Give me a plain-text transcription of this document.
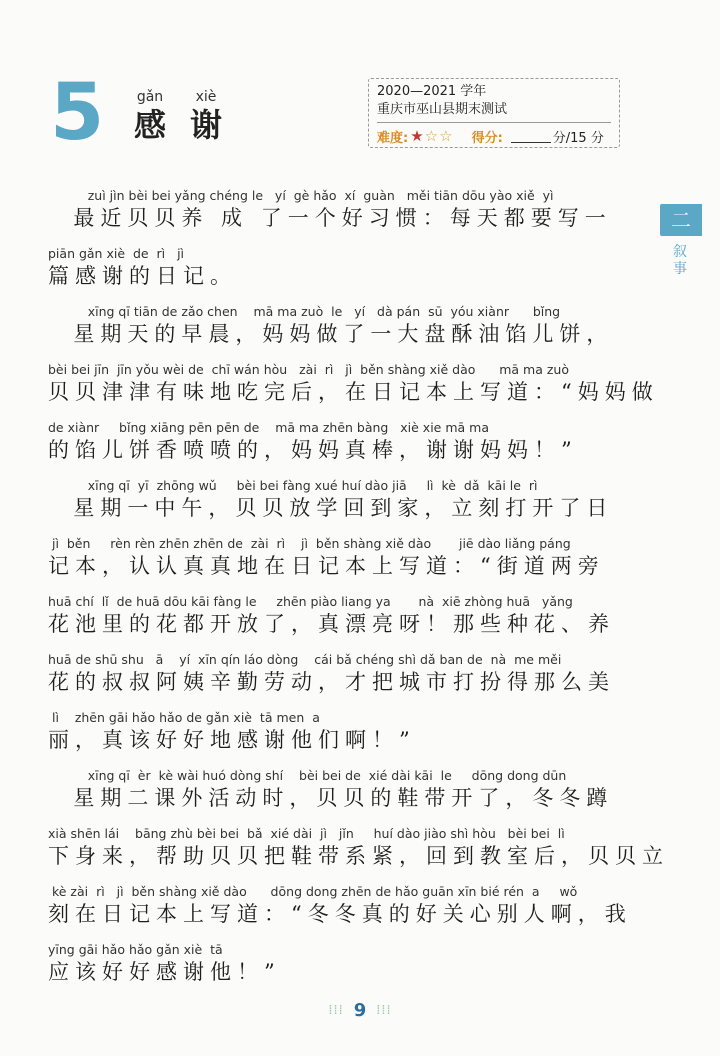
5	gǎn
感
xiè
谢
2020—2021 学年
重庆市巫山县期末测试
难度: ★ ☆ ☆ 得分:	分/15 分
二
叙事
zuì jìn bèi bei yǎng chéng le   yí  gè hǎo  xí  guàn   měi tiān dōu yào xiě  yì
最近贝贝养 成 了一个好习惯：每天都要写一
piān gǎn xiè  de  rì   jì
篇感谢的日记。
xīng qī tiān de zǎo chen    mā ma zuò  le   yí   dà pán  sū  yóu xiànr      bǐng
星期天的早晨，妈妈做了一大盘酥油馅儿饼，
bèi bei jīn  jīn yǒu wèi de  chī wán hòu   zài  rì   jì  běn shàng xiě dào      mā ma zuò
贝贝津津有味地吃完后，在日记本上写道：“妈妈做
de xiànr     bǐng xiāng pēn pēn de    mā ma zhēn bàng   xiè xie mā ma
的馅儿饼香喷喷的，妈妈真棒，谢谢妈妈！”
xīng qī  yī  zhōng wǔ     bèi bei fàng xué huí dào jiā     lì  kè  dǎ  kāi le  rì
星期一中午，贝贝放学回到家，立刻打开了日
jì  běn     rèn rèn zhēn zhēn de  zài  rì    jì  běn shàng xiě dào       jiē dào liǎng páng
记本，认认真真地在日记本上写道：“街道两旁
huā chí  lǐ  de huā dōu kāi fàng le     zhēn piào liang ya       nà  xiē zhòng huā   yǎng
花池里的花都开放了，真漂亮呀！那些种花、养
huā de shū shu   ā    yí  xīn qín láo dòng    cái bǎ chéng shì dǎ ban de  nà  me měi
花的叔叔阿姨辛勤劳动，才把城市打扮得那么美
lì    zhēn gāi hǎo hǎo de gǎn xiè  tā men  a
丽，真该好好地感谢他们啊！”
xīng qī  èr  kè wài huó dòng shí    bèi bei de  xié dài kāi  le     dōng dong dūn
星期二课外活动时，贝贝的鞋带开了，冬冬蹲
xià shēn lái    bāng zhù bèi bei  bǎ  xié dài  jì   jǐn     huí dào jiào shì hòu   bèi bei  lì
下身来，帮助贝贝把鞋带系紧，回到教室后，贝贝立
kè zài  rì   jì  běn shàng xiě dào      dōng dong zhēn de hǎo guān xīn bié rén  a     wǒ
刻在日记本上写道：“冬冬真的好关心别人啊，我
yīng gāi hǎo hǎo gǎn xiè  tā
应该好好感谢他！”
⁞⁞⁞ 9 ⁞⁞⁞
